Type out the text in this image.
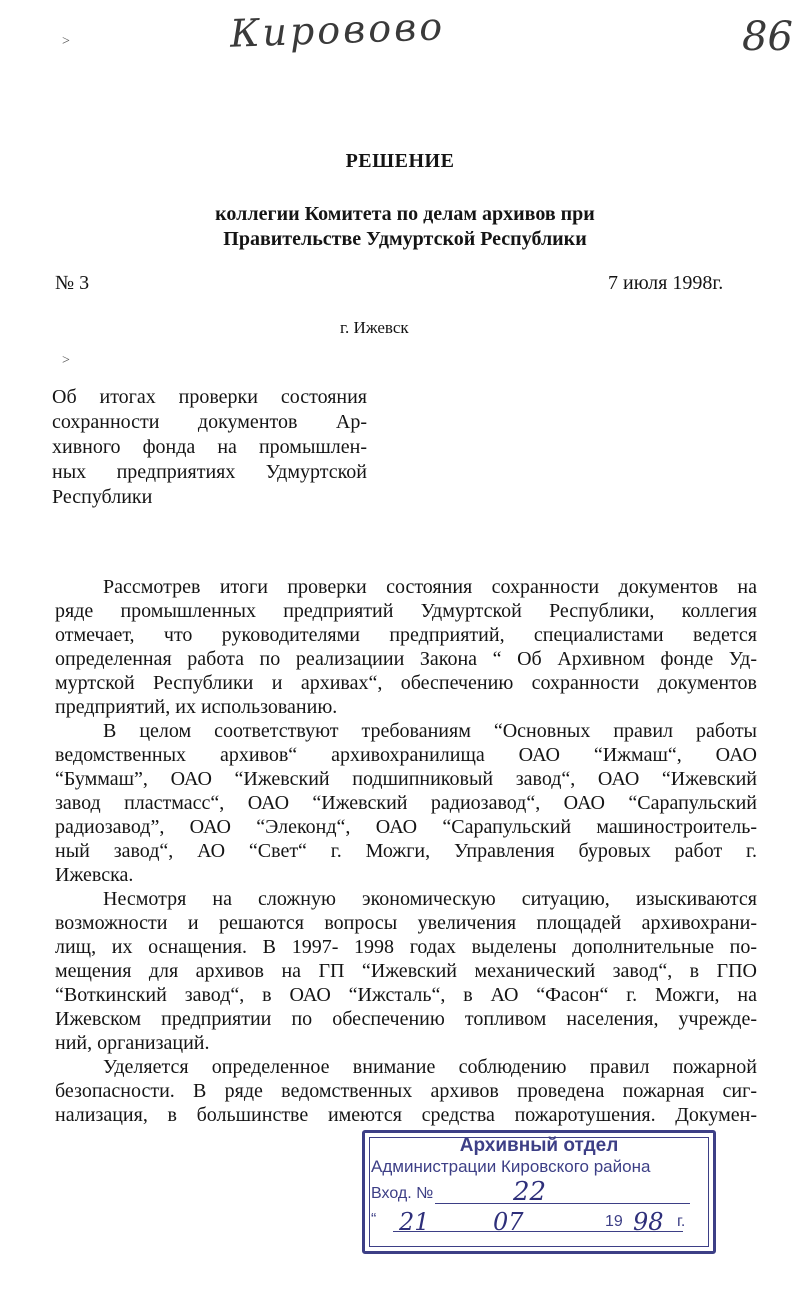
Кировово	86
>
>
РЕШЕНИЕ
коллегии Комитета по делам архивов при
Правительстве Удмуртской Республики
№ 3	7 июля 1998г.
г. Ижевск
Об итогах проверки состояния
сохранности документов Ар-
хивного фонда на промышлен-
ных предприятиях Удмуртской
Республики
Рассмотрев итоги проверки состояния сохранности документов на
ряде промышленных предприятий Удмуртской Республики, коллегия
отмечает, что руководителями предприятий, специалистами ведется
определенная работа по реализациии Закона “ Об Архивном фонде Уд-
муртской Республики и архивах“, обеспечению сохранности документов
предприятий, их использованию.
В целом соответствуют требованиям “Основных правил работы
ведомственных архивов“ архивохранилища ОАО “Ижмаш“, ОАО
“Буммаш”, ОАО “Ижевский подшипниковый завод“, ОАО “Ижевский
завод пластмасс“, ОАО “Ижевский радиозавод“, ОАО “Сарапульский
радиозавод”, ОАО “Элеконд“, ОАО “Сарапульский машиностроитель-
ный завод“, АО “Свет“ г. Можги, Управления буровых работ г.
Ижевска.
Несмотря на сложную экономическую ситуацию, изыскиваются
возможности и решаются вопросы увеличения площадей архивохрани-
лищ, их оснащения. В 1997- 1998 годах выделены дополнительные по-
мещения для архивов на ГП “Ижевский механический завод“, в ГПО
“Воткинский завод“, в ОАО “Ижсталь“, в АО “Фасон“ г. Можги, на
Ижевском предприятии по обеспечению топливом населения, учрежде-
ний, организаций.
Уделяется определенное внимание соблюдению правил пожарной
безопасности. В ряде ведомственных архивов проведена пожарная сиг-
нализация, в большинстве имеются средства пожаротушения. Докумен-
Архивный отдел
Администрации Кировского района
Вход. №	22
“ 21	07	19 98 г.
